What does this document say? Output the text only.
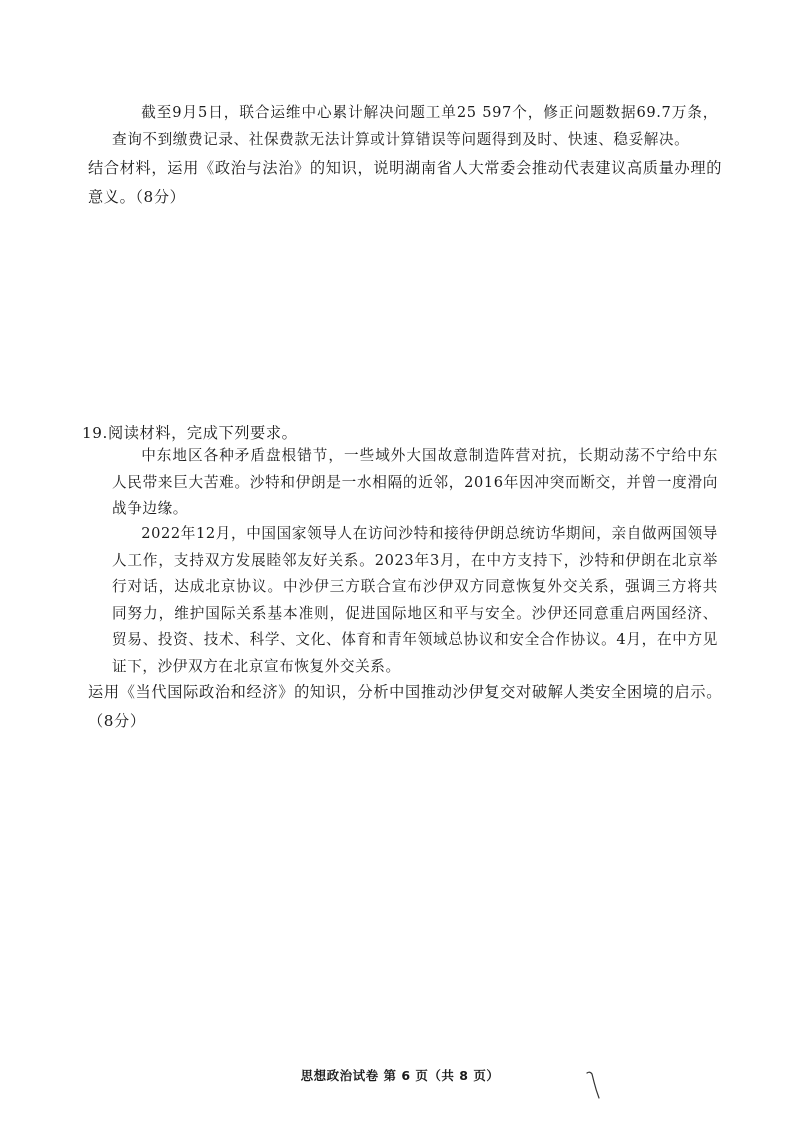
截至9月5日，联合运维中心累计解决问题工单25 597个，修正问题数据69.7万条，查询不到缴费记录、社保费款无法计算或计算错误等问题得到及时、快速、稳妥解决。

结合材料，运用《政治与法治》的知识，说明湖南省人大常委会推动代表建议高质量办理的意义。（8分）

19.阅读材料，完成下列要求。

中东地区各种矛盾盘根错节，一些域外大国故意制造阵营对抗，长期动荡不宁给中东人民带来巨大苦难。沙特和伊朗是一水相隔的近邻，2016年因冲突而断交，并曾一度滑向战争边缘。

2022年12月，中国国家领导人在访问沙特和接待伊朗总统访华期间，亲自做两国领导人工作，支持双方发展睦邻友好关系。2023年3月，在中方支持下，沙特和伊朗在北京举行对话，达成北京协议。中沙伊三方联合宣布沙伊双方同意恢复外交关系，强调三方将共同努力，维护国际关系基本准则，促进国际地区和平与安全。沙伊还同意重启两国经济、贸易、投资、技术、科学、文化、体育和青年领域总协议和安全合作协议。4月，在中方见证下，沙伊双方在北京宣布恢复外交关系。

运用《当代国际政治和经济》的知识，分析中国推动沙伊复交对破解人类安全困境的启示。（8分）

思想政治试卷 第 6 页（共 8 页）
